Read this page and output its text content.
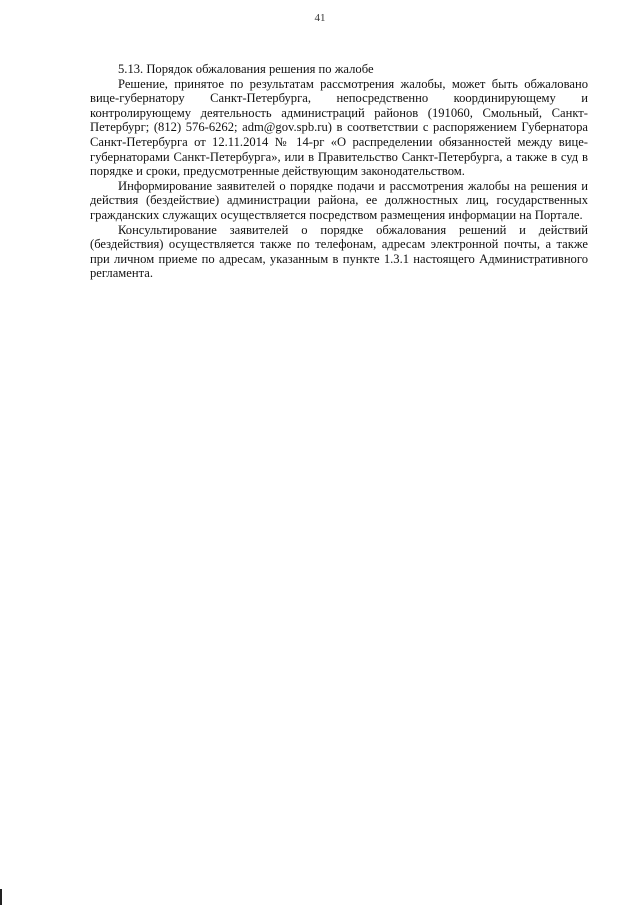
41

5.13. Порядок обжалования решения по жалобе

Решение, принятое по результатам рассмотрения жалобы, может быть обжаловано вице-губернатору Санкт-Петербурга, непосредственно координирующему и контролирующему деятельность администраций районов (191060, Смольный, Санкт-Петербург; (812) 576-6262; adm@gov.spb.ru) в соответствии с распоряжением Губернатора Санкт-Петербурга от 12.11.2014 № 14-рг «О распределении обязанностей между вице-губернаторами Санкт-Петербурга», или в Правительство Санкт-Петербурга, а также в суд в порядке и сроки, предусмотренные действующим законодательством.

Информирование заявителей о порядке подачи и рассмотрения жалобы на решения и действия (бездействие) администрации района, ее должностных лиц, государственных гражданских служащих осуществляется посредством размещения информации на Портале.

Консультирование заявителей о порядке обжалования решений и действий (бездействия) осуществляется также по телефонам, адресам электронной почты, а также при личном приеме по адресам, указанным в пункте 1.3.1 настоящего Административного регламента.
